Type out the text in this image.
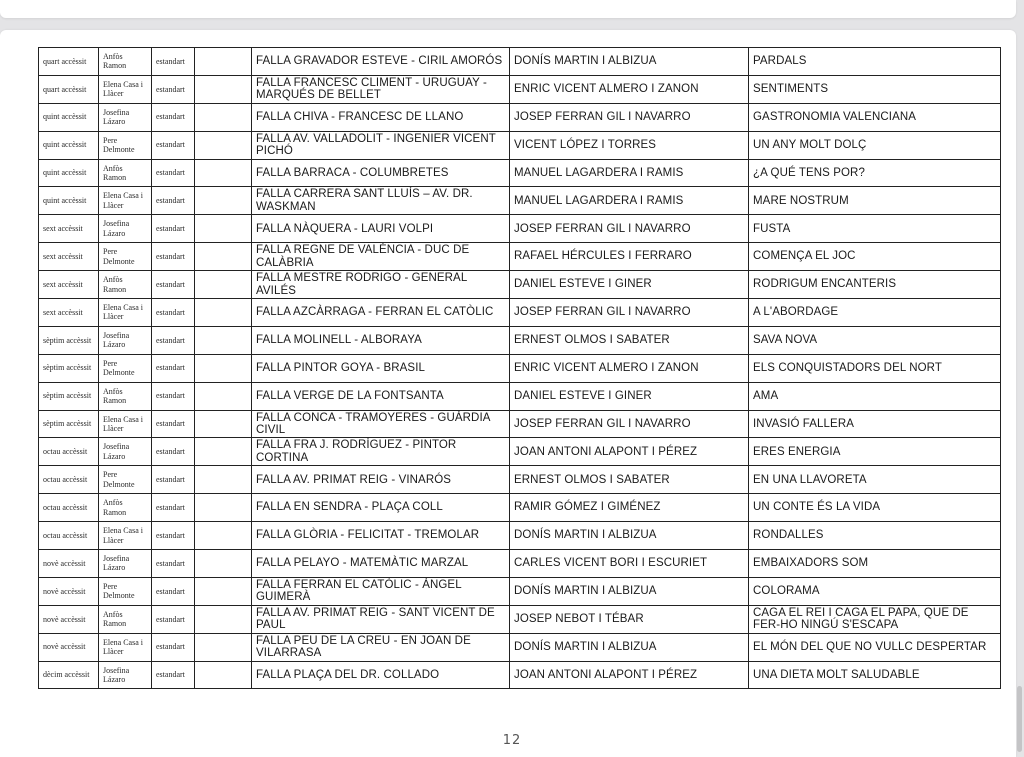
quart accèssit	Anfòs Ramon	estandart		FALLA GRAVADOR ESTEVE - CIRIL AMORÓS	DONÍS MARTIN I ALBIZUA	PARDALS
quart accèssit	Elena Casa i Llàcer	estandart		FALLA FRANCESC CLIMENT - URUGUAY - MARQUÉS DE BELLET	ENRIC VICENT ALMERO I ZANON	SENTIMENTS
quint accèssit	Josefina Lázaro	estandart		FALLA CHIVA - FRANCESC DE LLANO	JOSEP FERRAN GIL I NAVARRO	GASTRONOMIA VALENCIANA
quint accèssit	Pere Delmonte	estandart		FALLA AV. VALLADOLIT - INGENIER VICENT PICHÓ	VICENT LÓPEZ I TORRES	UN ANY MOLT DOLÇ
quint accèssit	Anfòs Ramon	estandart		FALLA BARRACA - COLUMBRETES	MANUEL LAGARDERA I RAMIS	¿A QUÉ TENS POR?
quint accèssit	Elena Casa i Llàcer	estandart		FALLA CARRERA SANT LLUÍS – AV. DR. WASKMAN	MANUEL LAGARDERA I RAMIS	MARE NOSTRUM
sext accèssit	Josefina Lázaro	estandart		FALLA NÀQUERA - LAURI VOLPI	JOSEP FERRAN GIL I NAVARRO	FUSTA
sext accèssit	Pere Delmonte	estandart		FALLA REGNE DE VALÈNCIA - DUC DE CALÀBRIA	RAFAEL HÉRCULES I FERRARO	COMENÇA EL JOC
sext accèssit	Anfòs Ramon	estandart		FALLA MESTRE RODRIGO - GENERAL AVILÉS	DANIEL ESTEVE I GINER	RODRIGUM ENCANTERIS
sext accèssit	Elena Casa i Llàcer	estandart		FALLA AZCÀRRAGA - FERRAN EL CATÒLIC	JOSEP FERRAN GIL I NAVARRO	A L'ABORDAGE
sèptim accèssit	Josefina Lázaro	estandart		FALLA MOLINELL - ALBORAYA	ERNEST OLMOS I SABATER	SAVA NOVA
sèptim accèssit	Pere Delmonte	estandart		FALLA PINTOR GOYA - BRASIL	ENRIC VICENT ALMERO I ZANON	ELS CONQUISTADORS DEL NORT
sèptim accèssit	Anfòs Ramon	estandart		FALLA VERGE DE LA FONTSANTA	DANIEL ESTEVE I GINER	AMA
sèptim accèssit	Elena Casa i Llàcer	estandart		FALLA CONCA - TRAMOYERES - GUÀRDIA CIVIL	JOSEP FERRAN GIL I NAVARRO	INVASIÓ FALLERA
octau accèssit	Josefina Lázaro	estandart		FALLA FRA J. RODRÍGUEZ - PINTOR CORTINA	JOAN ANTONI ALAPONT I PÉREZ	ERES ENERGIA
octau accèssit	Pere Delmonte	estandart		FALLA AV. PRIMAT REIG - VINARÓS	ERNEST OLMOS I SABATER	EN UNA LLAVORETA
octau accèssit	Anfòs Ramon	estandart		FALLA EN SENDRA - PLAÇA COLL	RAMIR GÓMEZ I GIMÉNEZ	UN CONTE ÉS LA VIDA
octau accèssit	Elena Casa i Llàcer	estandart		FALLA GLÒRIA - FELICITAT - TREMOLAR	DONÍS MARTIN I ALBIZUA	RONDALLES
novè accèssit	Josefina Lázaro	estandart		FALLA PELAYO - MATEMÀTIC MARZAL	CARLES VICENT BORI I ESCURIET	EMBAIXADORS SOM
novè accèssit	Pere Delmonte	estandart		FALLA FERRAN EL CATÒLIC - ÀNGEL GUIMERÀ	DONÍS MARTIN I ALBIZUA	COLORAMA
novè accèssit	Anfòs Ramon	estandart		FALLA AV. PRIMAT REIG - SANT VICENT DE PAUL	JOSEP NEBOT I TÉBAR	CAGA EL REI I CAGA EL PAPA, QUE DE FER-HO NINGÚ S'ESCAPA
novè accèssit	Elena Casa i Llàcer	estandart		FALLA PEU DE LA CREU - EN JOAN DE VILARRASA	DONÍS MARTIN I ALBIZUA	EL MÓN DEL QUE NO VULLC DESPERTAR
dècim accèssit	Josefina Lázaro	estandart		FALLA PLAÇA DEL DR. COLLADO	JOAN ANTONI ALAPONT I PÉREZ	UNA DIETA MOLT SALUDABLE
12
